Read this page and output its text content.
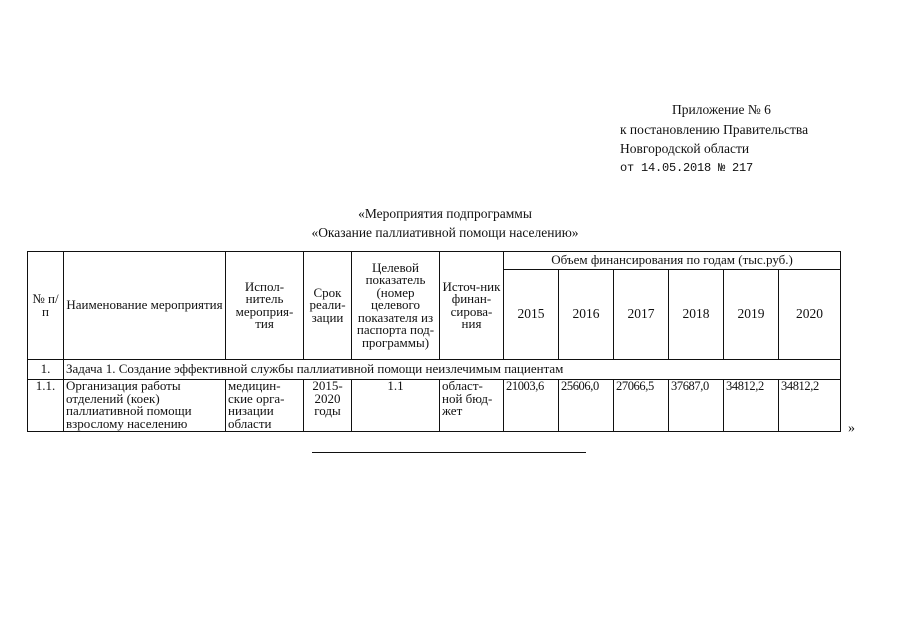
Приложение № 6
к постановлению Правительства
Новгородской области
от 14.05.2018 № 217
«Мероприятия подпрограммы
«Оказание паллиативной помощи населению»
№ п/п	Наименование мероприятия	Испол-нитель мероприя-тия	Срок реали-зации	Целевой показатель (номер целевого показателя из паспорта под-программы)	Источ-ник финан-сирова-ния	Объем финансирования по годам (тыс.руб.)					
						2015	2016	2017	2018	2019	2020
1.	Задача 1. Создание эффективной службы паллиативной помощи неизлечимым пациентам										
1.1.	Организация работы отделений (коек) паллиативной помощи взрослому населению	медицин-ские орга-низации области	2015-2020 годы	1.1	област-ной бюд-жет	21003,6	25606,0	27066,5	37687,0	34812,2	34812,2
»
